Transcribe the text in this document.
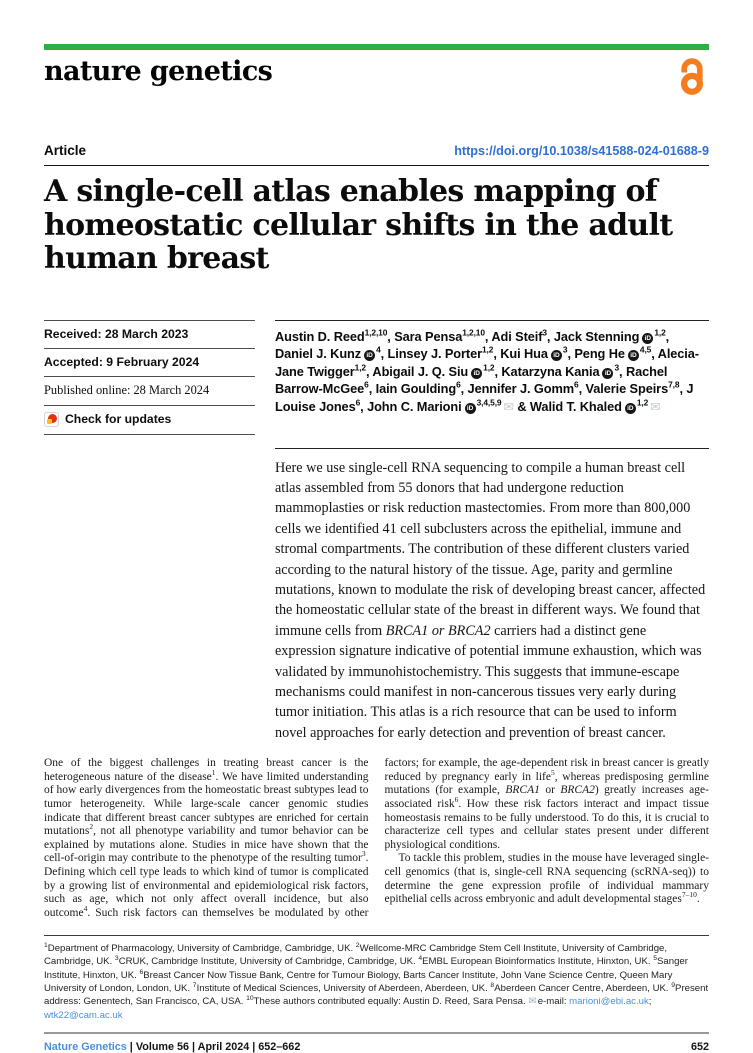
nature genetics
Article	https://doi.org/10.1038/s41588-024-01688-9
A single-cell atlas enables mapping of homeostatic cellular shifts in the adult human breast
Received: 28 March 2023
Accepted: 9 February 2024
Published online: 28 March 2024
Check for updates
Austin D. Reed$^{1,2,10}$, Sara Pensa$^{1,2,10}$, Adi Steif$^3$, Jack Stenning iD$^{1,2}$, Daniel J. Kunz $iD^4$, Linsey J. Porter$^{1,2}$, Kui Hua $iD^3$, Peng He iD$^{4,5}$, Alecia-Jane Twigger$^{1,2}$, Abigail J. Q. Siu iD$^{1,2}$, Katarzyna Kania $iD^3$, Rachel Barrow-McGee$^6$, Iain Goulding$^6$, Jennifer J. Gomm$^6$, Valerie Speirs$^{7,8}$, J Louise Jones$^6$, John C. Marioni iD$^{3,4,5,9}$ ✉ & Walid T. Khaled iD$^{1,2}$ ✉
Here we use single-cell RNA sequencing to compile a human breast cell atlas assembled from 55 donors that had undergone reduction mammoplasties or risk reduction mastectomies. From more than 800,000 cells we identified 41 cell subclusters across the epithelial, immune and stromal compartments. The contribution of these different clusters varied according to the natural history of the tissue. Age, parity and germline mutations, known to modulate the risk of developing breast cancer, affected the homeostatic cellular state of the breast in different ways. We found that immune cells from BRCA1 or BRCA2 carriers had a distinct gene expression signature indicative of potential immune exhaustion, which was validated by immunohistochemistry. This suggests that immune-escape mechanisms could manifest in non-cancerous tissues very early during tumor initiation. This atlas is a rich resource that can be used to inform novel approaches for early detection and prevention of breast cancer.

One of the biggest challenges in treating breast cancer is the heterogeneous nature of the disease$^1$. We have limited understanding of how early divergences from the homeostatic breast subtypes lead to tumor heterogeneity. While large-scale cancer genomic studies indicate that different breast cancer subtypes are enriched for certain mutations$^2$, not all phenotype variability and tumor behavior can be explained by mutations alone. Studies in mice have shown that the cell-of-origin may contribute to the phenotype of the resulting tumor$^3$. Defining which cell type leads to which kind of tumor is complicated by a growing list of environmental and epidemiological risk factors, such as age, which not only affect overall incidence, but also outcome$^4$. Such risk factors can themselves be modulated by other factors; for example, the age-dependent risk in breast cancer is greatly reduced by pregnancy early in life$^5$, whereas predisposing germline mutations (for example, BRCA1 or BRCA2) greatly increases age-associated risk$^6$. How these risk factors interact and impact tissue homeostasis remains to be fully understood. To do this, it is crucial to characterize cell types and cellular states present under different physiological conditions.

To tackle this problem, studies in the mouse have leveraged single-cell genomics (that is, single-cell RNA sequencing (scRNA-seq)) to determine the gene expression profile of individual mammary epithelial cells across embryonic and adult developmental stages$^{7-10}$.

$^1$Department of Pharmacology, University of Cambridge, Cambridge, UK. $^2$Wellcome-MRC Cambridge Stem Cell Institute, University of Cambridge, Cambridge, UK. $^3$CRUK, Cambridge Institute, University of Cambridge, Cambridge, UK. $^4$EMBL European Bioinformatics Institute, Hinxton, UK. $^5$Sanger Institute, Hinxton, UK. $^6$Breast Cancer Now Tissue Bank, Centre for Tumour Biology, Barts Cancer Institute, John Vane Science Centre, Queen Mary University of London, London, UK. $^7$Institute of Medical Sciences, University of Aberdeen, Aberdeen, UK. $^8$Aberdeen Cancer Centre, Aberdeen, UK. $^9$Present address: Genentech, San Francisco, CA, USA. $^{10}$These authors contributed equally: Austin D. Reed, Sara Pensa. ✉e-mail: marioni@ebi.ac.uk; wtk22@cam.ac.uk
Nature Genetics | Volume 56 | April 2024 | 652–662	652
